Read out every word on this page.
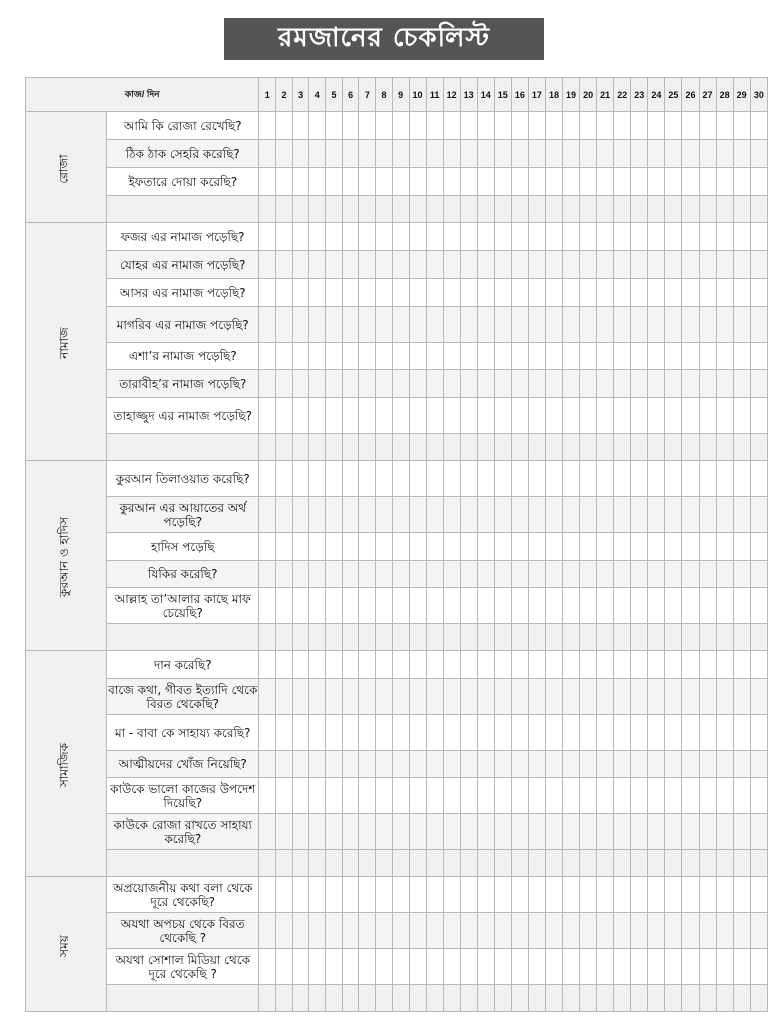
রমজানের চেকলিস্ট
কাজ/ দিন		1	2	3	4	5	6	7	8	9	10	11	12	13	14	15	16	17	18	19	20	21	22	23	24	25	26	27	28	29	30
রোজা	আমি কি রোজা রেখেছি?																														
	ঠিক ঠাক সেহরি করেছি?																														
	ইফতারে দোয়া করেছি?																														

নামাজ	ফজর এর নামাজ পড়েছি?																														
	যোহর এর নামাজ পড়েছি?																														
	আসর এর নামাজ পড়েছি?																														
	মাগরিব এর নামাজ পড়েছি?																														
	এশা’র নামাজ পড়েছি?																														
	তারাবীহ’র নামাজ পড়েছি?																														
	তাহাজ্জুদ এর নামাজ পড়েছি?																														

কুরআন ও হাদিস	কুরআন তিলাওয়াত করেছি?																														
	কুরআন এর আয়াতের অর্থ পড়েছি?																														
	হাদিস পড়েছি																														
	যিকির করেছি?																														
	আল্লাহ তা’আলার কাছে মাফ চেয়েছি?																														

সামাজিক	দান করেছি?																														
	বাজে কথা, গীবত ইত্যাদি থেকে বিরত থেকেছি?																														
	মা - বাবা কে সাহায্য করেছি?																														
	আত্মীয়দের খোঁজ নিয়েছি?																														
	কাউকে ভালো কাজের উপদেশ দিয়েছি?																														
	কাউকে রোজা রাখতে সাহায্য করেছি?																														

সময়	অপ্রয়োজনীয় কথা বলা থেকে দূরে থেকেছি?																														
	অযথা অপচয় থেকে বিরত থেকেছি ?																														
	অযথা সোশাল মিডিয়া থেকে দূরে থেকেছি ?																														
